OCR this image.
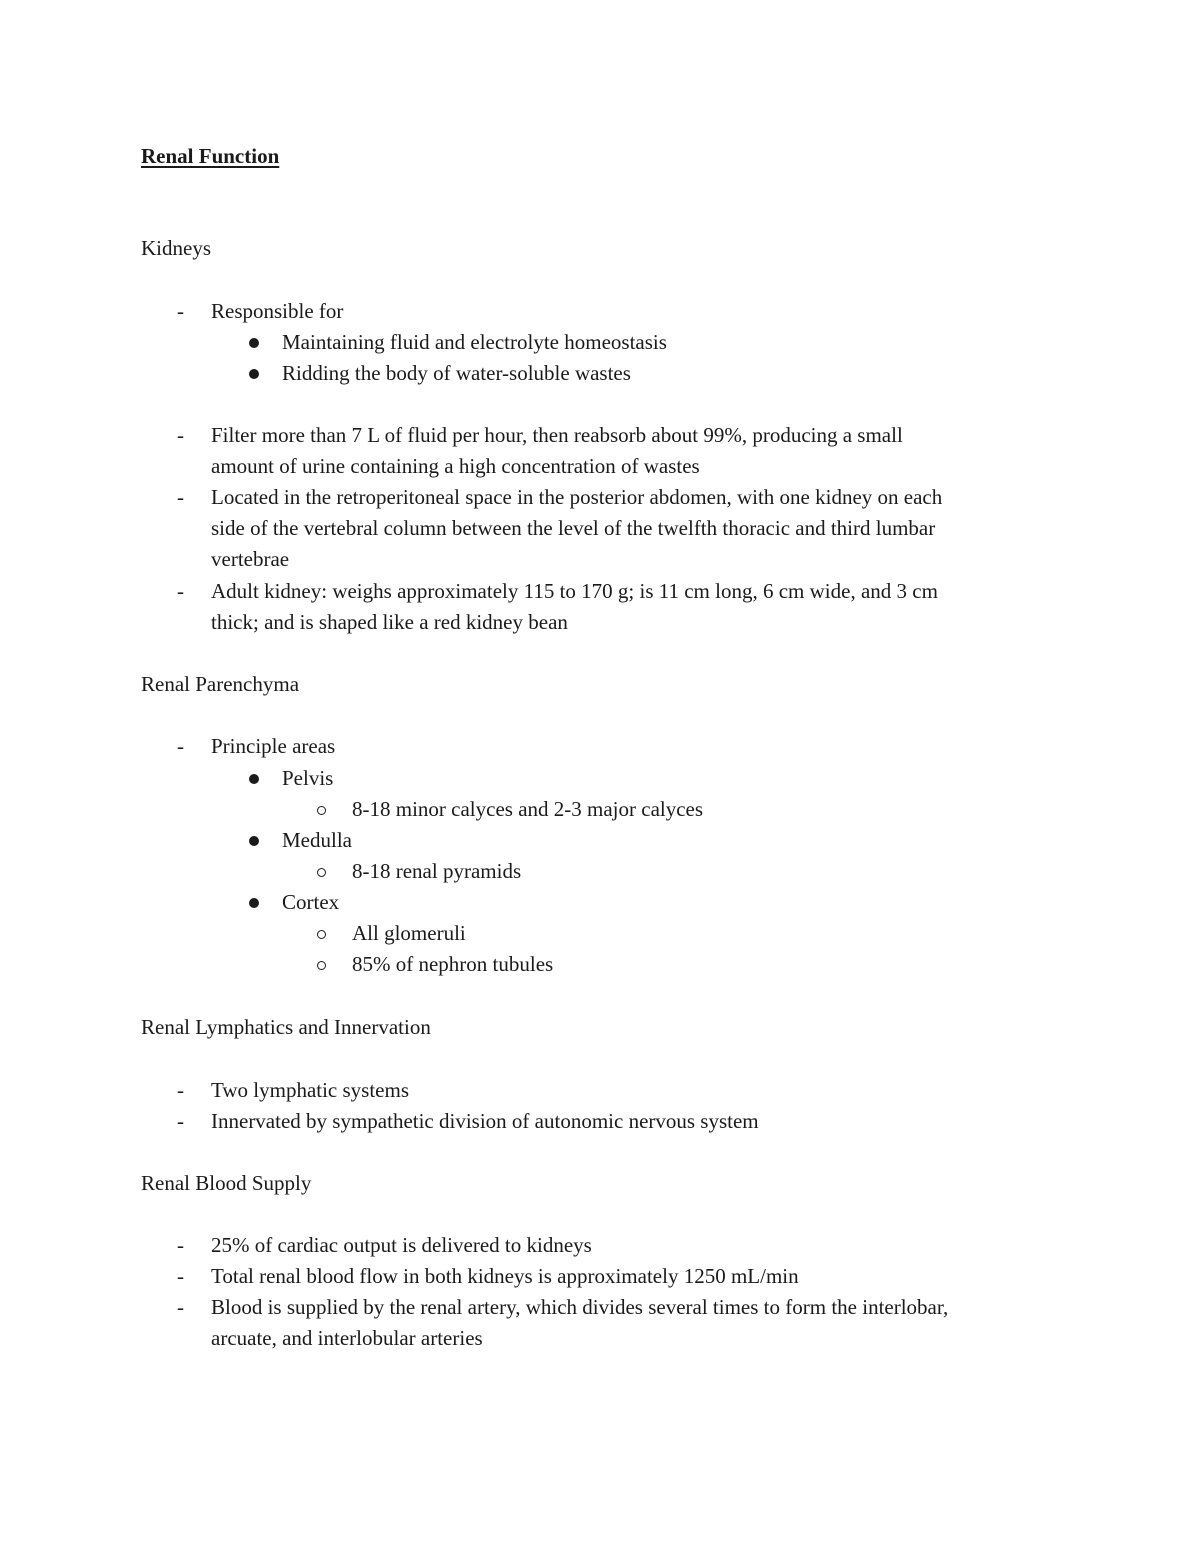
Renal Function
Kidneys
- Responsible for
Maintaining fluid and electrolyte homeostasis
Ridding the body of water-soluble wastes
- Filter more than 7 L of fluid per hour, then reabsorb about 99%, producing a small
amount of urine containing a high concentration of wastes
- Located in the retroperitoneal space in the posterior abdomen, with one kidney on each
side of the vertebral column between the level of the twelfth thoracic and third lumbar
vertebrae
- Adult kidney: weighs approximately 115 to 170 g; is 11 cm long, 6 cm wide, and 3 cm
thick; and is shaped like a red kidney bean
Renal Parenchyma
- Principle areas
Pelvis
8-18 minor calyces and 2-3 major calyces
Medulla
8-18 renal pyramids
Cortex
All glomeruli
85% of nephron tubules
Renal Lymphatics and Innervation
- Two lymphatic systems
- Innervated by sympathetic division of autonomic nervous system
Renal Blood Supply
- 25% of cardiac output is delivered to kidneys
- Total renal blood flow in both kidneys is approximately 1250 mL/min
- Blood is supplied by the renal artery, which divides several times to form the interlobar,
arcuate, and interlobular arteries
